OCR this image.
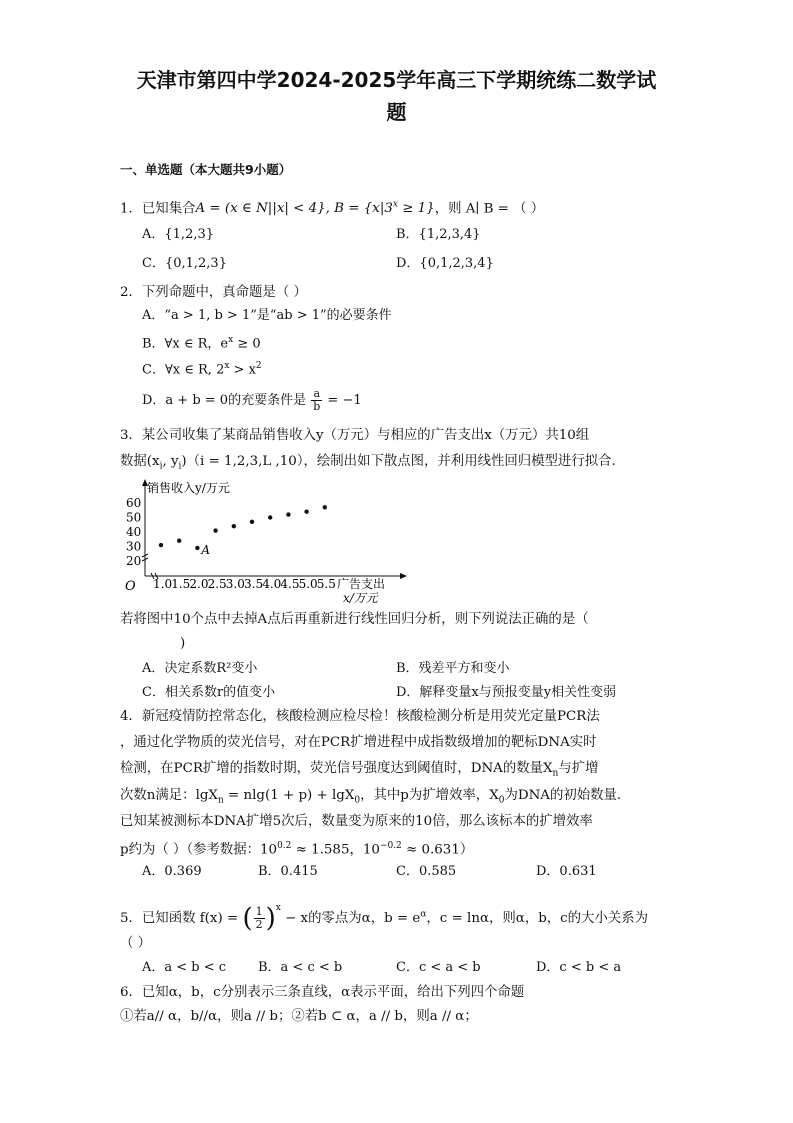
天津市第四中学2024-2025学年高三下学期统练二数学试
题
一、单选题（本大题共9小题）
1．已知集合A = (x ∈ N||x| < 4}, $B = \{x|3^x \ge 1\}$，则 A∣ B = （ ）
A．{1,2,3}	B．{1,2,3,4}
C．{0,1,2,3}	D．{0,1,2,3,4}
2．下列命题中，真命题是（ ）
A．“a > 1, b > 1”是“ab > 1”的必要条件
B．∀x ∈ R，$e^x \ge 0$
C．∀x ∈ R, $2^x > x^2$
D．a + b = 0的充要条件是 $\frac{a}{b} = -1$
3．某公司收集了某商品销售收入y（万元）与相应的广告支出x（万元）共10组
数据($x_i$, $y_i)(i = 1,2,3,L$ ,10），绘制出如下散点图，并利用线性回归模型进行拟合.
销售收入y/万元
广告支出
x/万元
O 1.0 1.5 2.0 2.5 3.0 3.5 4.0 4.5 5.0 5.5
20
30
40
50
60
A
若将图中10个点中去掉A点后再重新进行线性回归分析，则下列说法正确的是（
)
A．决定系数R²变小	B．残差平方和变小
C．相关系数r的值变小	D．解释变量x与预报变量y相关性变弱
4．新冠疫情防控常态化，核酸检测应检尽检！核酸检测分析是用荧光定量PCR法
，通过化学物质的荧光信号，对在PCR扩增进程中成指数级增加的靶标DNA实时
检测，在PCR扩增的指数时期，荧光信号强度达到阈值时，DNA的数量$X_n$与扩增
次数n满足：lgX$_n$ = nlg(1 + p) + lgX$_0$，其中p为扩增效率，$X_0$为DNA的初始数量.
已知某被测标本DNA扩增5次后，数量变为原来的10倍，那么该标本的扩增效率
p约为（ ）（参考数据：$10^{0.2} \approx 1.585$，$10^{-0.2} \approx 0.631$）
A．0.369	B．0.415	C．0.585	D．0.631
5．已知函数 f(x) = ( $\frac{1}{2} )^x - x$的零点为α，$b = e^\alpha$，c = lnα，则α，b，c的大小关系为
（ ）
A．a < b < c B．a < c < b	C．c < a < b	D．c < b < a
6．已知α，b，c分别表示三条直线，α表示平面，给出下列四个命题
①若a// α，b//α，则a // b；②若b ⊂ α，a // b，则a // α；
